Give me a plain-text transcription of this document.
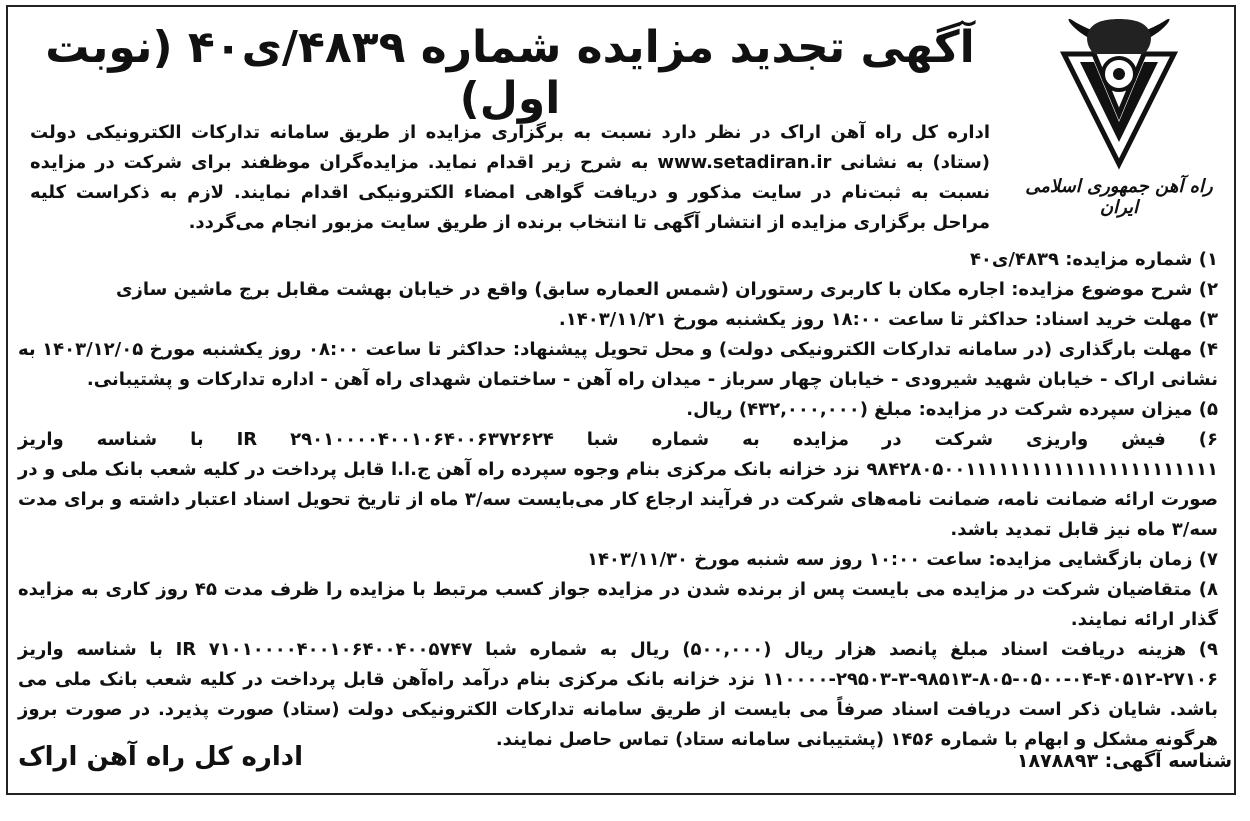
راه آهن جمهوری اسلامی ایران
آگهی تجدید مزایده شماره ۴۸۳۹/ی۴۰ (نوبت اول)
اداره کل راه آهن اراک در نظر دارد نسبت به برگزاری مزایده از طریق سامانه تدارکات الکترونیکی دولت (ستاد) به نشانی www.setadiran.ir به شرح زیر اقدام نماید. مزایده‌گران موظفند برای شرکت در مزایده نسبت به ثبت‌نام در سایت مذکور و دریافت گواهی امضاء الکترونیکی اقدام نمایند. لازم به ذکراست کلیه مراحل برگزاری مزایده از انتشار آگهی تا انتخاب برنده از طریق سایت مزبور انجام می‌گردد.

۱) شماره مزایده: ۴۸۳۹/ی۴۰

۲) شرح موضوع مزایده: اجاره مکان با کاربری رستوران (شمس العماره سابق) واقع در خیابان بهشت مقابل برج ماشین سازی

۳) مهلت خرید اسناد: حداکثر تا ساعت ۱۸:۰۰ روز یکشنبه مورخ ۱۴۰۳/۱۱/۲۱.

۴) مهلت بارگذاری (در سامانه تدارکات الکترونیکی دولت) و محل تحویل پیشنهاد: حداکثر تا ساعت ۰۸:۰۰ روز یکشنبه مورخ ۱۴۰۳/۱۲/۰۵ به نشانی اراک - خیابان شهید شیرودی - خیابان چهار سرباز - میدان راه آهن - ساختمان شهدای راه آهن - اداره تدارکات و پشتیبانی.

۵) میزان سپرده شرکت در مزایده: مبلغ (۴۳۲,۰۰۰,۰۰۰) ریال.

۶) فیش واریزی شرکت در مزایده به شماره شبا IR ۲۹۰۱۰۰۰۰۴۰۰۱۰۶۴۰۰۶۳۷۲۶۲۴ با شناسه واریز ۹۸۴۲۸۰۵۰۰۱۱۱۱۱۱۱۱۱۱۱۱۱۱۱۱۱۱۱۱۱۱۱ نزد خزانه بانک مرکزی بنام وجوه سپرده راه آهن ج.ا.ا قابل پرداخت در کلیه شعب بانک ملی و در صورت ارائه ضمانت نامه، ضمانت نامه‌های شرکت در فرآیند ارجاع کار می‌بایست سه/۳ ماه از تاریخ تحویل اسناد اعتبار داشته و برای مدت سه/۳ ماه نیز قابل تمدید باشد.

۷) زمان بازگشایی مزایده: ساعت ۱۰:۰۰ روز سه شنبه مورخ ۱۴۰۳/۱۱/۳۰

۸) متقاضیان شرکت در مزایده می بایست پس از برنده شدن در مزایده جواز کسب مرتبط با مزایده را ظرف مدت ۴۵ روز کاری به مزایده گذار ارائه نمایند.

۹) هزینه دریافت اسناد مبلغ پانصد هزار ریال (۵۰۰,۰۰۰) ریال به شماره شبا IR ۷۱۰۱۰۰۰۰۴۰۰۱۰۶۴۰۰۴۰۰۵۷۴۷ با شناسه واریز ۲۷۱۰۶-۴۰۵۱۲-۰۴-۰۵۰۰-۸۰۵-۹۸۵۱۳-۳-۲۹۵۰۳-۱۱۰۰۰۰ نزد خزانه بانک مرکزی بنام درآمد راه‌آهن قابل پرداخت در کلیه شعب بانک ملی می باشد. شایان ذکر است دریافت اسناد صرفاً می بایست از طریق سامانه تدارکات الکترونیکی دولت (ستاد) صورت پذیرد. در صورت بروز هرگونه مشکل و ابهام با شماره ۱۴۵۶ (پشتیبانی سامانه ستاد) تماس حاصل نمایند.

شناسه آگهی: ۱۸۷۸۸۹۳
اداره کل راه آهن اراک
